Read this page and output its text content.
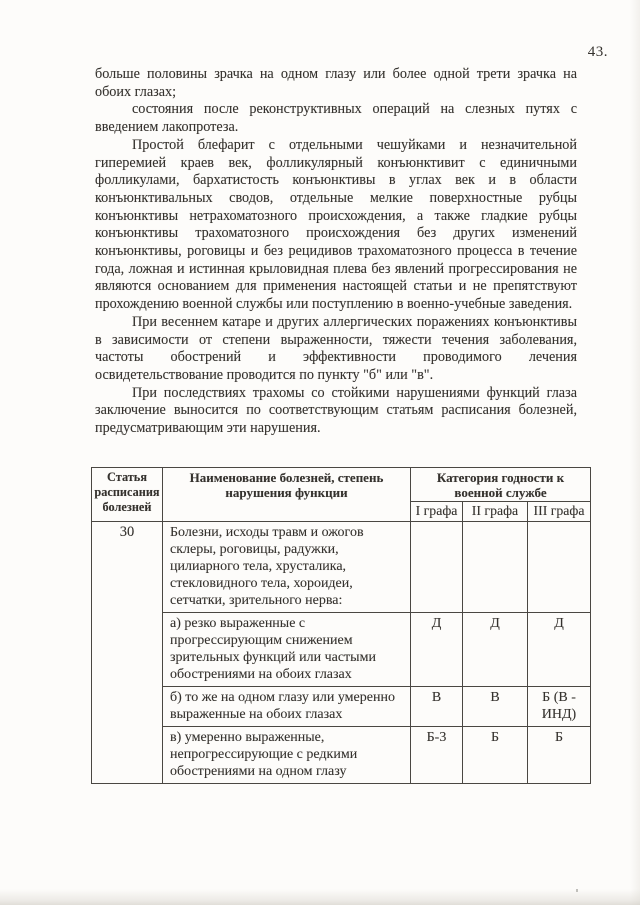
43.

больше половины зрачка на одном глазу или более одной трети зрачка на обоих глазах;

состояния после реконструктивных операций на слезных путях с введением лакопротеза.

Простой блефарит с отдельными чешуйками и незначительной гиперемией краев век, фолликулярный конъюнктивит с единичными фолликулами, бархатистость конъюнктивы в углах век и в области конъюнктивальных сводов, отдельные мелкие поверхностные рубцы конъюнктивы нетрахоматозного происхождения, а также гладкие рубцы конъюнктивы трахоматозного происхождения без других изменений конъюнктивы, роговицы и без рецидивов трахоматозного процесса в течение года, ложная и истинная крыловидная плева без явлений прогрессирования не являются основанием для применения настоящей статьи и не препятствуют прохождению военной службы или поступлению в военно-учебные заведения.

При весеннем катаре и других аллергических поражениях конъюнктивы в зависимости от степени выраженности, тяжести течения заболевания, частоты обострений и эффективности проводимого лечения освидетельствование проводится по пункту "б" или "в".

При последствиях трахомы со стойкими нарушениями функций глаза заключение выносится по соответствующим статьям расписания болезней, предусматривающим эти нарушения.

Статья расписания болезней	Наименование болезней, степень нарушения функции	Категория годности к военной службе		
		I графа	II графа	III графа
30	Болезни, исходы травм и ожогов склеры, роговицы, радужки, цилиарного тела, хрусталика, стекловидного тела, хороидеи, сетчатки, зрительного нерва:			
	а) резко выраженные с прогрессирующим снижением зрительных функций или частыми обострениями на обоих глазах	Д	Д	Д
	б) то же на одном глазу или умеренно выраженные на обоих глазах	В	В	Б (В - ИНД)
	в) умеренно выраженные, непрогрессирующие с редкими обострениями на одном глазу	Б-3	Б	Б
